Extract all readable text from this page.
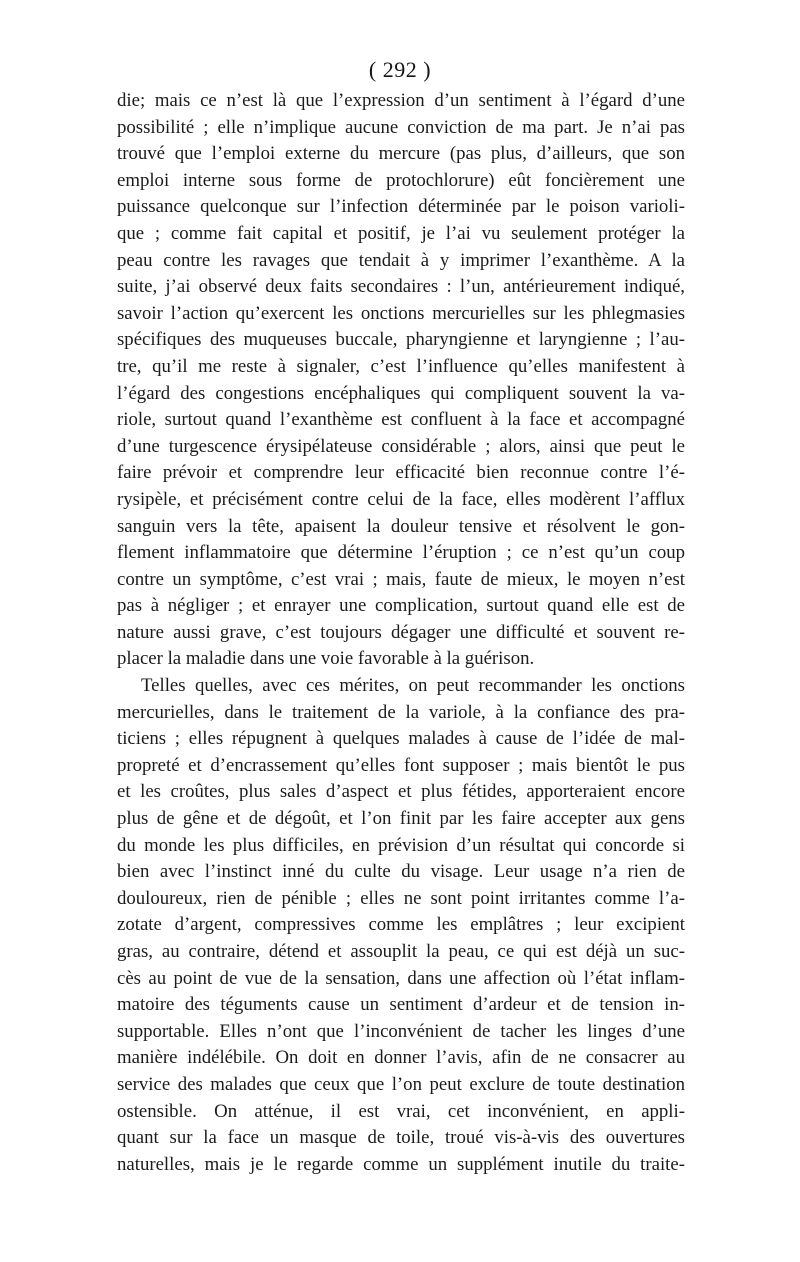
( 292 )
die; mais ce n’est là que l’expression d’un sentiment à l’égard d’une
possibilité ; elle n’implique aucune conviction de ma part. Je n’ai pas
trouvé que l’emploi externe du mercure (pas plus, d’ailleurs, que son
emploi interne sous forme de protochlorure) eût foncièrement une
puissance quelconque sur l’infection déterminée par le poison varioli-
que ; comme fait capital et positif, je l’ai vu seulement protéger la
peau contre les ravages que tendait à y imprimer l’exanthème. A la
suite, j’ai observé deux faits secondaires : l’un, antérieurement indiqué,
savoir l’action qu’exercent les onctions mercurielles sur les phlegmasies
spécifiques des muqueuses buccale, pharyngienne et laryngienne ; l’au-
tre, qu’il me reste à signaler, c’est l’influence qu’elles manifestent à
l’égard des congestions encéphaliques qui compliquent souvent la va-
riole, surtout quand l’exanthème est confluent à la face et accompagné
d’une turgescence érysipélateuse considérable ; alors, ainsi que peut le
faire prévoir et comprendre leur efficacité bien reconnue contre l’é-
rysipèle, et précisément contre celui de la face, elles modèrent l’afflux
sanguin vers la tête, apaisent la douleur tensive et résolvent le gon-
flement inflammatoire que détermine l’éruption ; ce n’est qu’un coup
contre un symptôme, c’est vrai ; mais, faute de mieux, le moyen n’est
pas à négliger ; et enrayer une complication, surtout quand elle est de
nature aussi grave, c’est toujours dégager une difficulté et souvent re-
placer la maladie dans une voie favorable à la guérison.
Telles quelles, avec ces mérites, on peut recommander les onctions
mercurielles, dans le traitement de la variole, à la confiance des pra-
ticiens ; elles répugnent à quelques malades à cause de l’idée de mal-
propreté et d’encrassement qu’elles font supposer ; mais bientôt le pus
et les croûtes, plus sales d’aspect et plus fétides, apporteraient encore
plus de gêne et de dégoût, et l’on finit par les faire accepter aux gens
du monde les plus difficiles, en prévision d’un résultat qui concorde si
bien avec l’instinct inné du culte du visage. Leur usage n’a rien de
douloureux, rien de pénible ; elles ne sont point irritantes comme l’a-
zotate d’argent, compressives comme les emplâtres ; leur excipient
gras, au contraire, détend et assouplit la peau, ce qui est déjà un suc-
cès au point de vue de la sensation, dans une affection où l’état inflam-
matoire des téguments cause un sentiment d’ardeur et de tension in-
supportable. Elles n’ont que l’inconvénient de tacher les linges d’une
manière indélébile. On doit en donner l’avis, afin de ne consacrer au
service des malades que ceux que l’on peut exclure de toute destination
ostensible. On atténue, il est vrai, cet inconvénient, en appli-
quant sur la face un masque de toile, troué vis-à-vis des ouvertures
naturelles, mais je le regarde comme un supplément inutile du traite-
